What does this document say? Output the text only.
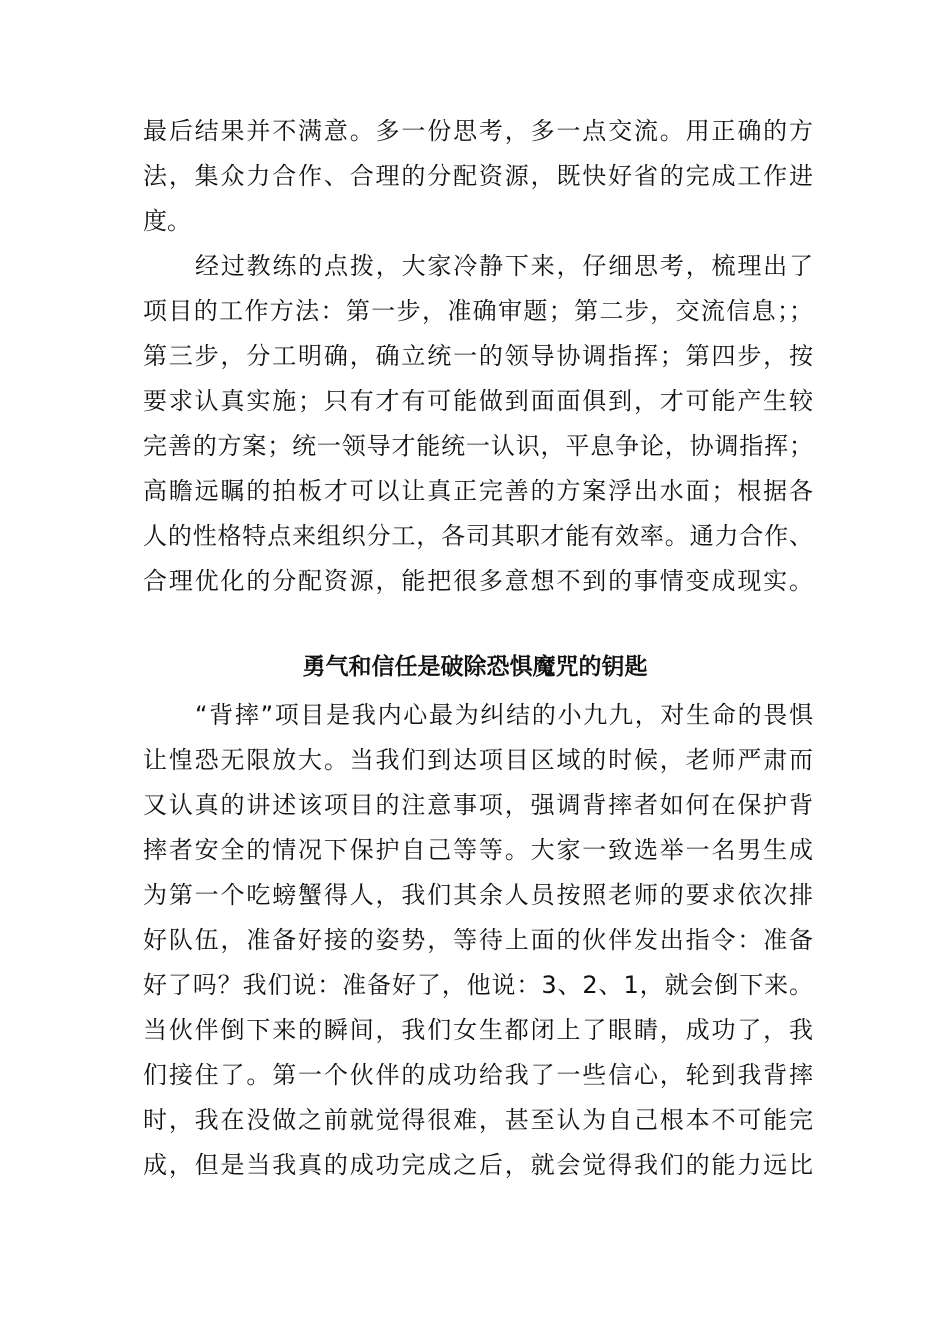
最后结果并不满意。多一份思考，多一点交流。用正确的方
法，集众力合作、合理的分配资源，既快好省的完成工作进
度。
经过教练的点拨，大家冷静下来，仔细思考，梳理出了
项目的工作方法：第一步，准确审题；第二步，交流信息；；
第三步，分工明确，确立统一的领导协调指挥；第四步，按
要求认真实施；只有才有可能做到面面俱到，才可能产生较
完善的方案；统一领导才能统一认识，平息争论，协调指挥；
高瞻远瞩的拍板才可以让真正完善的方案浮出水面；根据各
人的性格特点来组织分工，各司其职才能有效率。通力合作、
合理优化的分配资源，能把很多意想不到的事情变成现实。
勇气和信任是破除恐惧魔咒的钥匙
“背摔”项目是我内心最为纠结的小九九，对生命的畏惧
让惶恐无限放大。当我们到达项目区域的时候，老师严肃而
又认真的讲述该项目的注意事项，强调背摔者如何在保护背
摔者安全的情况下保护自己等等。大家一致选举一名男生成
为第一个吃螃蟹得人，我们其余人员按照老师的要求依次排
好队伍，准备好接的姿势，等待上面的伙伴发出指令：准备
好了吗？我们说：准备好了，他说：3、2、1，就会倒下来。
当伙伴倒下来的瞬间，我们女生都闭上了眼睛，成功了，我
们接住了。第一个伙伴的成功给我了一些信心，轮到我背摔
时，我在没做之前就觉得很难，甚至认为自己根本不可能完
成，但是当我真的成功完成之后，就会觉得我们的能力远比
